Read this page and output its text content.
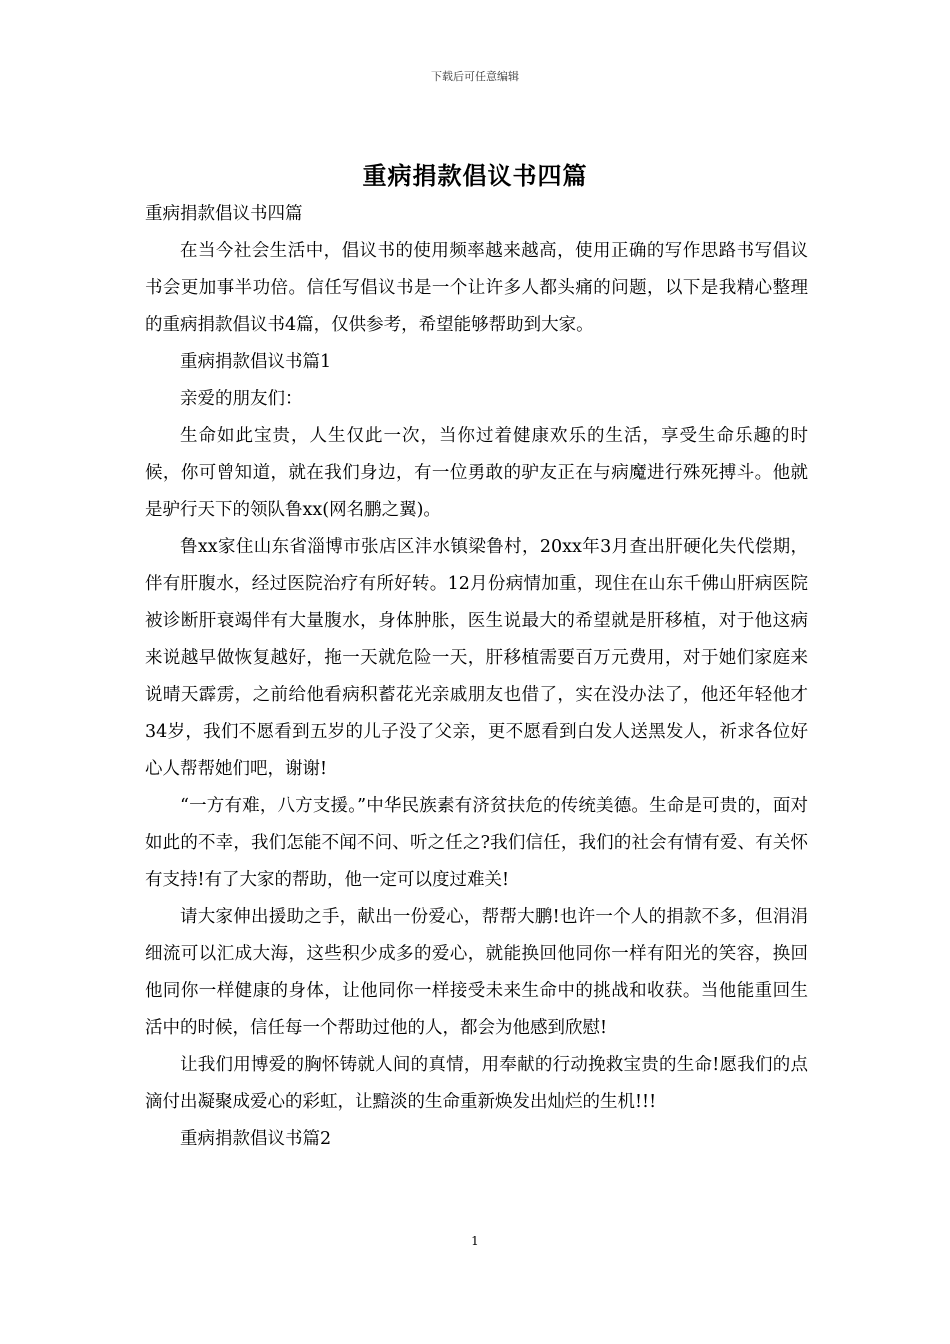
下载后可任意编辑
重病捐款倡议书四篇

重病捐款倡议书四篇

在当今社会生活中，倡议书的使用频率越来越高，使用正确的写作思路书写倡议书会更加事半功倍。信任写倡议书是一个让许多人都头痛的问题，以下是我精心整理的重病捐款倡议书4篇，仅供参考，希望能够帮助到大家。

重病捐款倡议书篇1

亲爱的朋友们：

生命如此宝贵，人生仅此一次，当你过着健康欢乐的生活，享受生命乐趣的时候，你可曾知道，就在我们身边，有一位勇敢的驴友正在与病魔进行殊死搏斗。他就是驴行天下的领队鲁xx(网名鹏之翼)。

鲁xx家住山东省淄博市张店区沣水镇梁鲁村，20xx年3月查出肝硬化失代偿期，伴有肝腹水，经过医院治疗有所好转。12月份病情加重，现住在山东千佛山肝病医院被诊断肝衰竭伴有大量腹水，身体肿胀，医生说最大的希望就是肝移植，对于他这病来说越早做恢复越好，拖一天就危险一天，肝移植需要百万元费用，对于她们家庭来说晴天霹雳，之前给他看病积蓄花光亲戚朋友也借了，实在没办法了，他还年轻他才34岁，我们不愿看到五岁的儿子没了父亲，更不愿看到白发人送黑发人，祈求各位好心人帮帮她们吧，谢谢!

“一方有难，八方支援。”中华民族素有济贫扶危的传统美德。生命是可贵的，面对如此的不幸，我们怎能不闻不问、听之任之?我们信任，我们的社会有情有爱、有关怀有支持!有了大家的帮助，他一定可以度过难关!

请大家伸出援助之手，献出一份爱心，帮帮大鹏!也许一个人的捐款不多，但涓涓细流可以汇成大海，这些积少成多的爱心，就能换回他同你一样有阳光的笑容，换回他同你一样健康的身体，让他同你一样接受未来生命中的挑战和收获。当他能重回生活中的时候，信任每一个帮助过他的人，都会为他感到欣慰!

让我们用博爱的胸怀铸就人间的真情，用奉献的行动挽救宝贵的生命!愿我们的点滴付出凝聚成爱心的彩虹，让黯淡的生命重新焕发出灿烂的生机!!!

重病捐款倡议书篇2

1
